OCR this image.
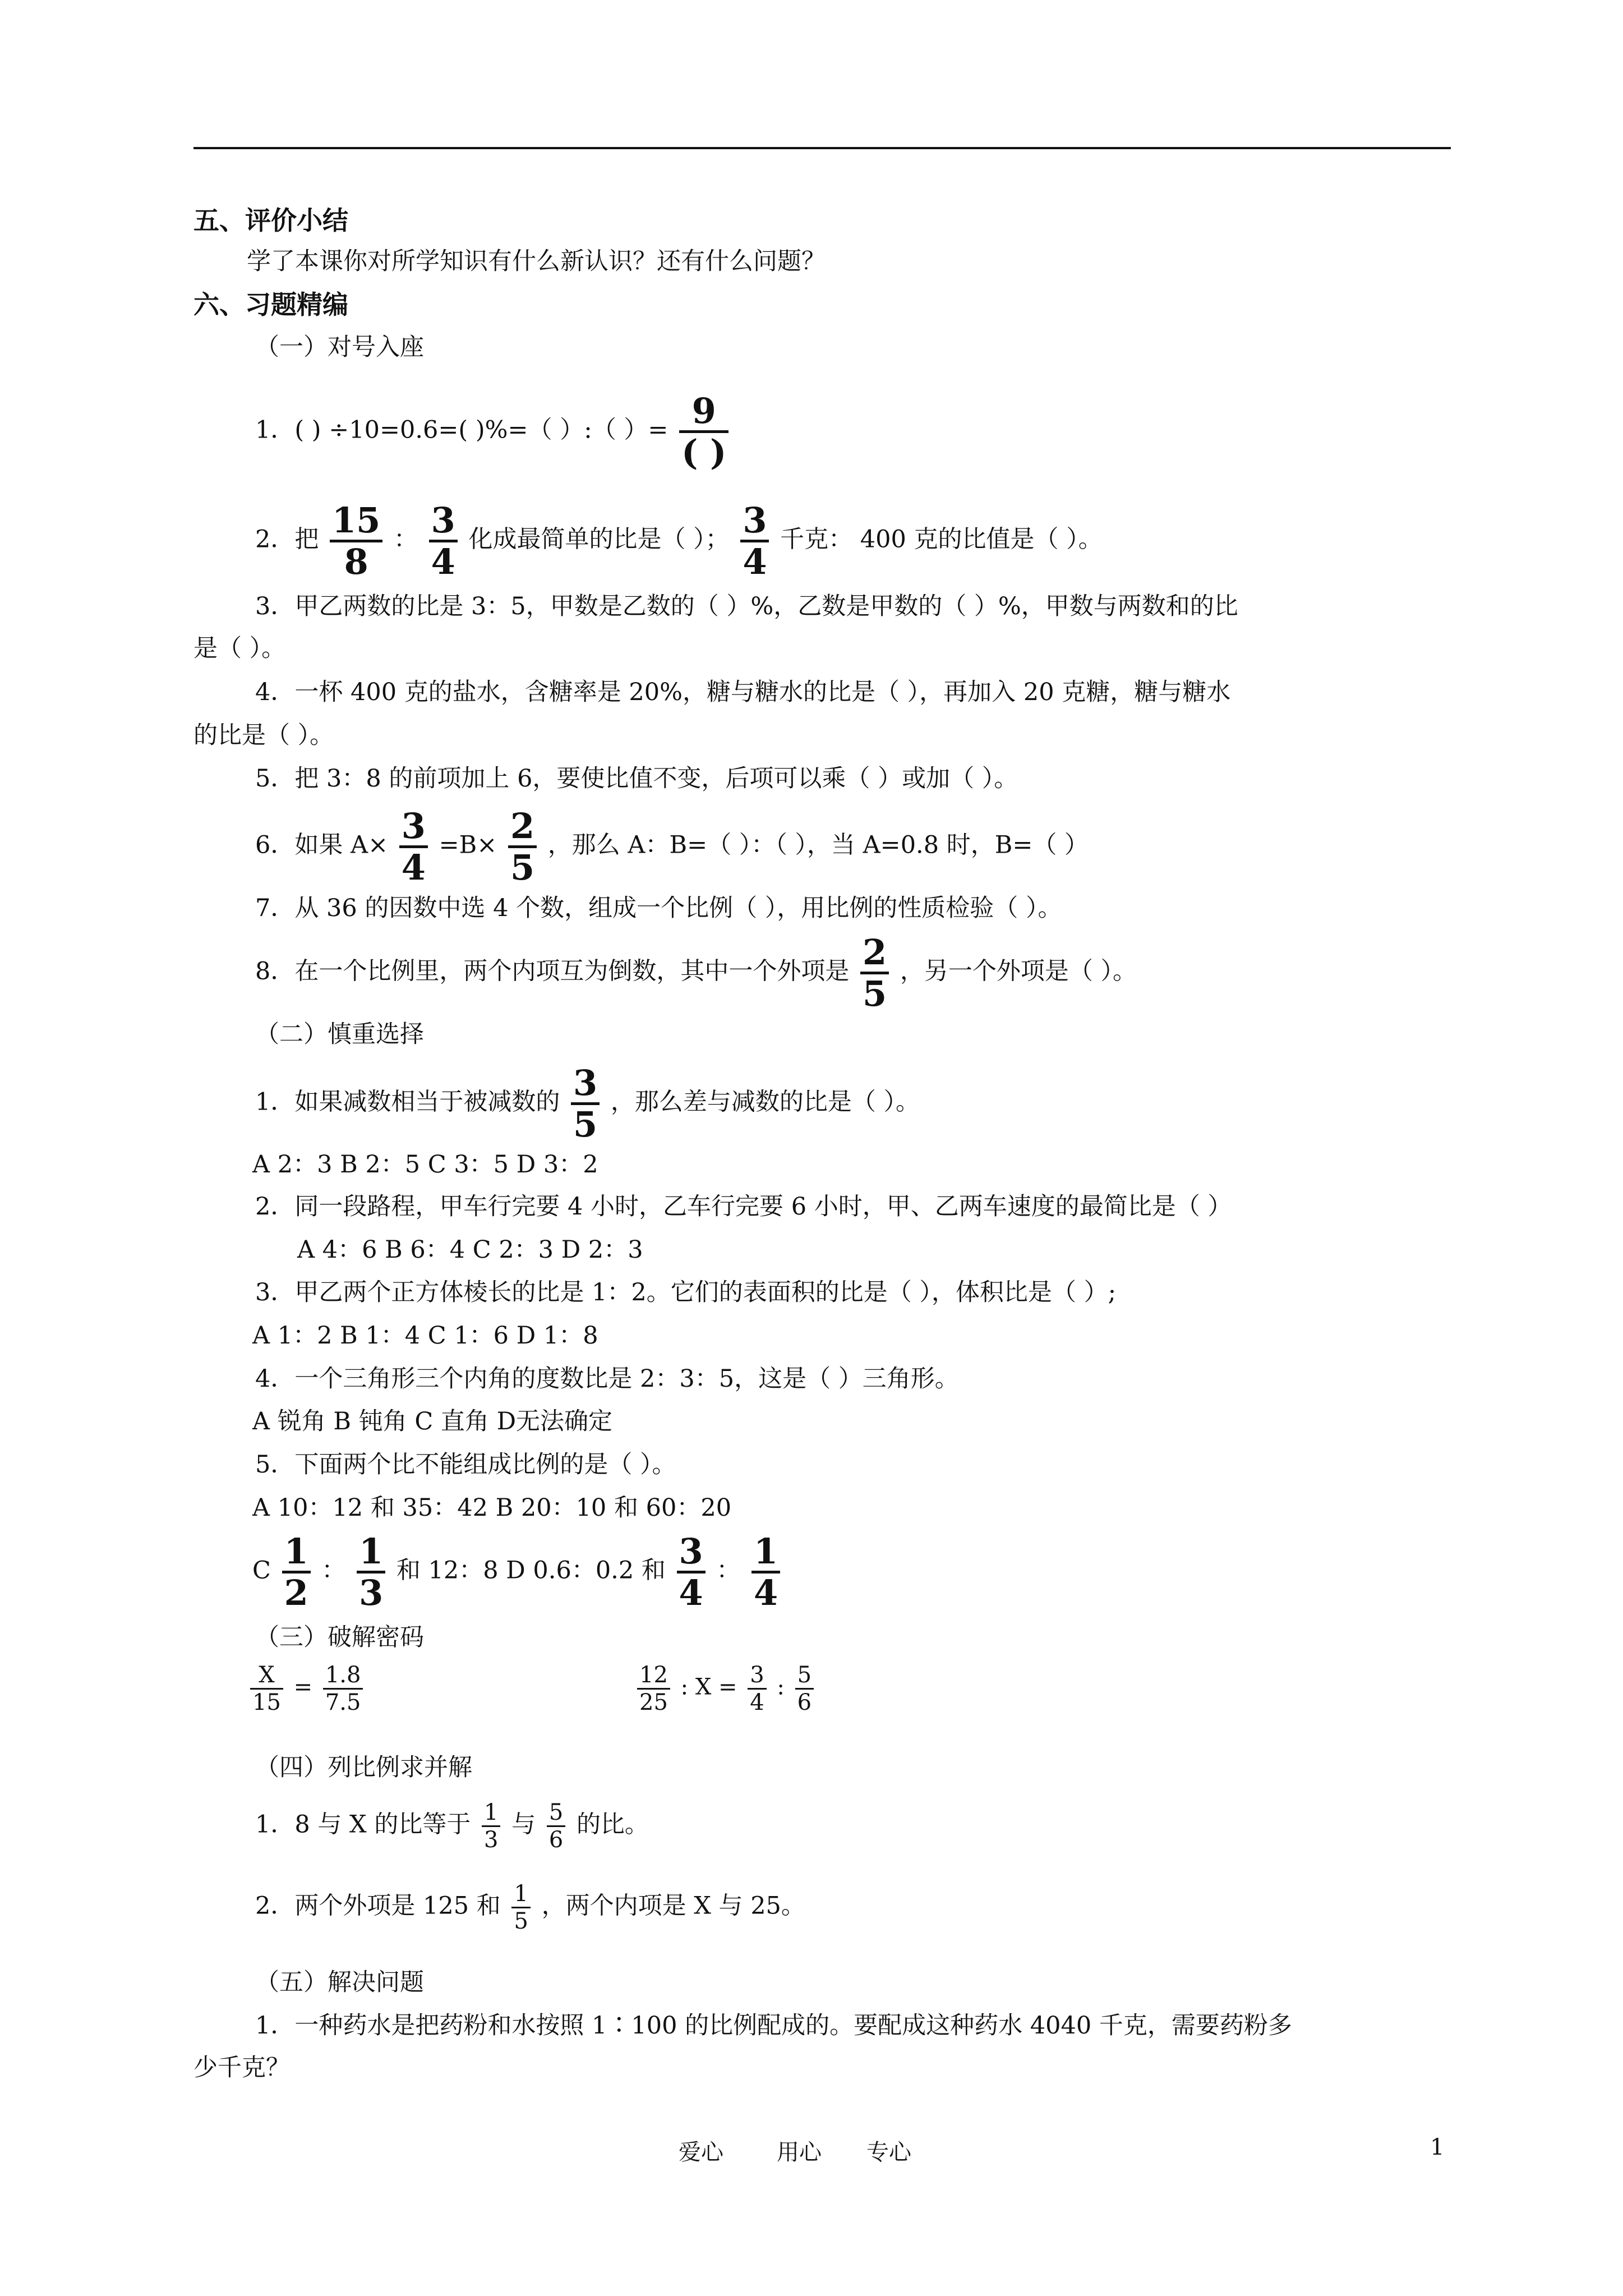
五、评价小结
学了本课你对所学知识有什么新认识？还有什么问题？
六、习题精编
（一）对号入座
1．( ) ÷10=0.6=( )%=（ ）:（ ）= 9
( )
2．把 15
8
： 3
4
化成最简单的比是（ ）； 3
4
千克： 400 克的比值是（ ）。
3．甲乙两数的比是 3：5，甲数是乙数的（ ）%，乙数是甲数的（ ）%，甲数与两数和的比
是（ ）。
4．一杯 400 克的盐水，含糖率是 20%，糖与糖水的比是（ ），再加入 20 克糖，糖与糖水
的比是（ ）。
5．把 3：8 的前项加上 6，要使比值不变，后项可以乘（ ）或加（ ）。
6．如果 A× 3
4
=B× 2
5
，那么 A：B=（ ）：（ ），当 A=0.8 时，B=（ ）
7．从 36 的因数中选 4 个数，组成一个比例（ ），用比例的性质检验（ ）。
8．在一个比例里，两个内项互为倒数，其中一个外项是 2
5
，另一个外项是（ ）。
（二）慎重选择
1．如果减数相当于被减数的 3
5
，那么差与减数的比是（ ）。
A 2：3 B 2：5 C 3：5 D 3：2
2．同一段路程，甲车行完要 4 小时，乙车行完要 6 小时，甲、乙两车速度的最简比是（ ）
A 4：6 B 6：4 C 2：3 D 2：3
3．甲乙两个正方体棱长的比是 1：2。它们的表面积的比是（ ），体积比是（ ）;
A 1：2 B 1：4 C 1：6 D 1：8
4．一个三角形三个内角的度数比是 2：3：5，这是（ ）三角形。
A 锐角 B 钝角 C 直角 D无法确定
5．下面两个比不能组成比例的是（ ）。
A 10：12 和 35：42 B 20：10 和 60：20
C 1
2
： 1
3
和 12：8 D 0.6：0.2 和 3
4
： 1
4
（三）破解密码
$\frac{X}{15} = \frac{1.8}{7.5}$	$\frac{12}{25}$ : $X = \frac{3}{4}$ : $\frac{5}{6}$
（四）列比例求并解
1．8 与 X 的比等于 $\frac{1}{3}$ 与 $\frac{5}{6}$ 的比。
2．两个外项是 125 和 $\frac{1}{5}$ ，两个内项是 X 与 25。
（五）解决问题
1．一种药水是把药粉和水按照 1∶100 的比例配成的。要配成这种药水 4040 千克，需要药粉多
少千克？
爱心 用心 专心	1
